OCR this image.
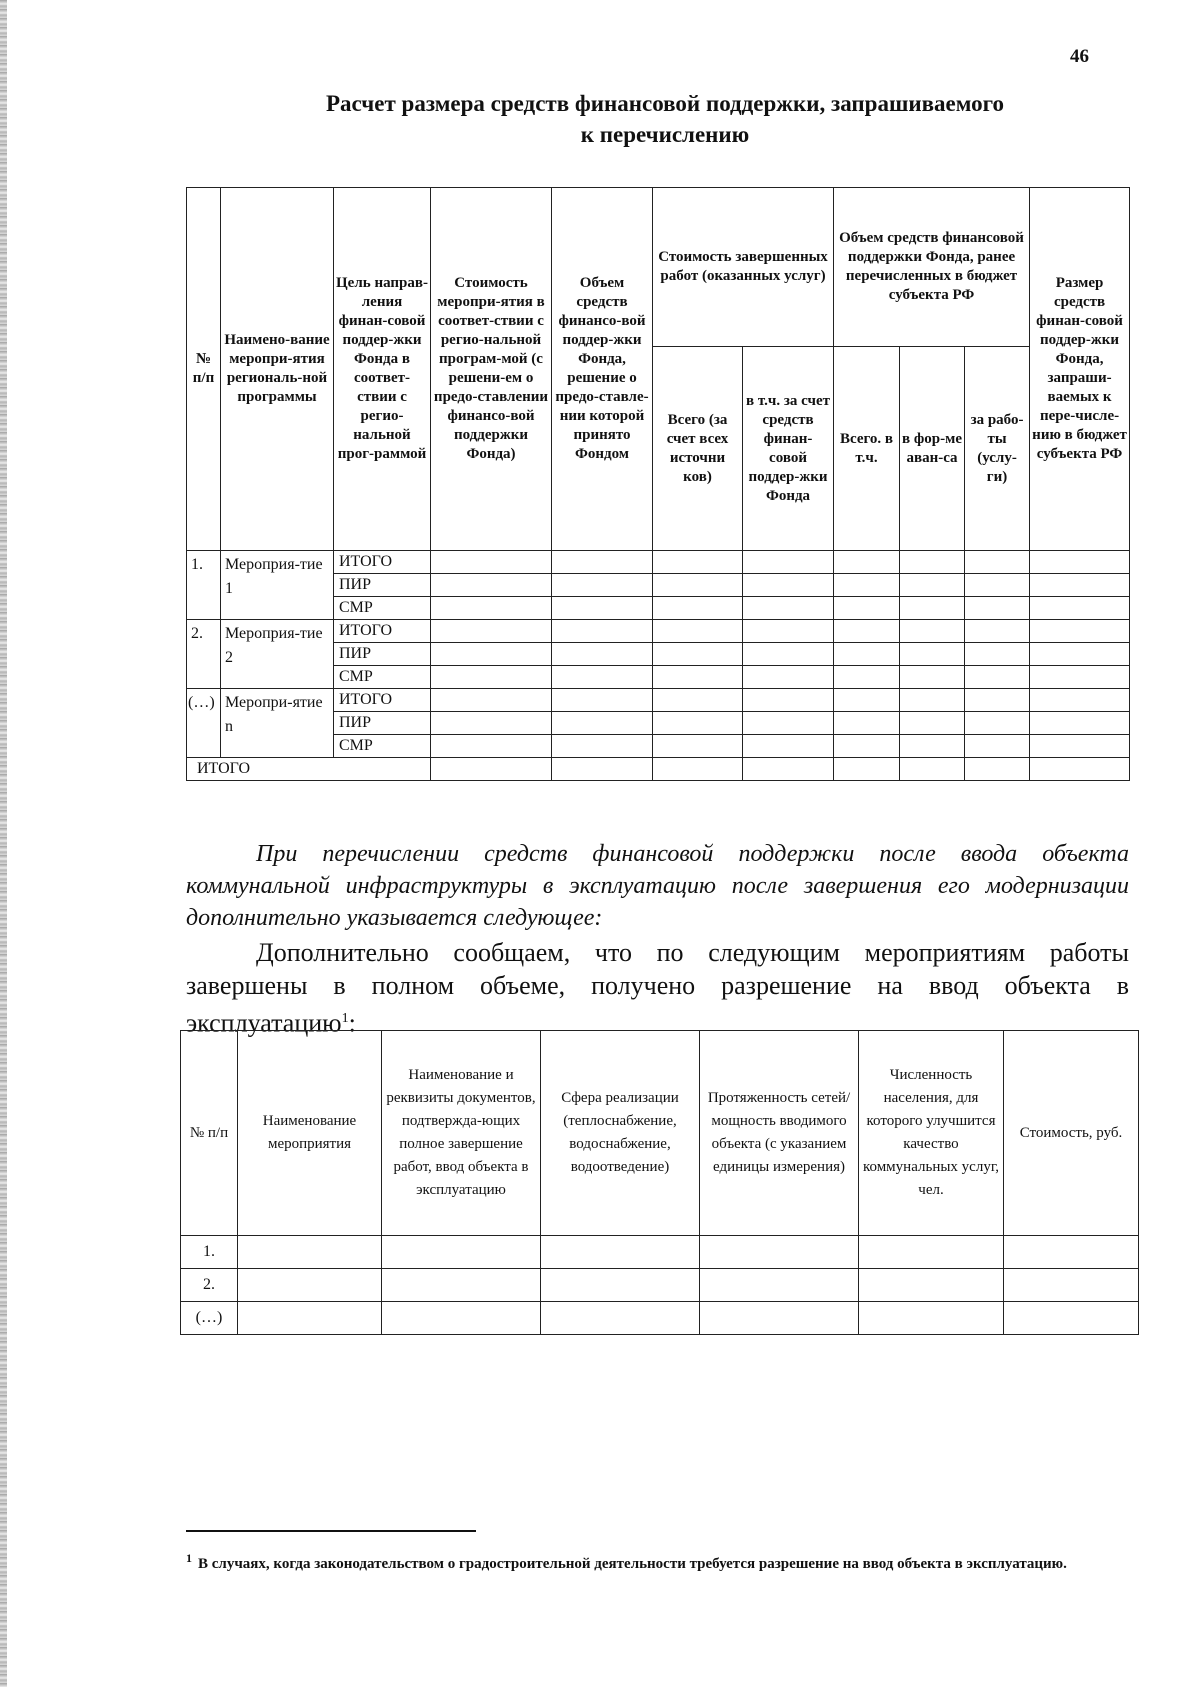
46
Расчет размера средств финансовой поддержки, запрашиваемого
к перечислению
№ п/п	Наимено-вание меропри-ятия региональ-ной программы	Цель направ-ления финан-совой поддер-жки Фонда в соответ-ствии с регио-нальной прог-раммой	Стоимость меропри-ятия в соответ-ствии с регио-нальной програм-мой (с решени-ем о предо-ставлении финансо-вой поддержки Фонда)	Объем средств финансо-вой поддер-жки Фонда, решение о предо-ставле-нии которой принято Фондом	Стоимость завершенных работ (оказанных услуг)		Объем средств финансовой поддержки Фонда, ранее перечисленных в бюджет субъекта РФ			Размер средств финан-совой поддер-жки Фонда, запраши-ваемых к пере-числе-нию в бюджет субъекта РФ
					Всего (за счет всех источни ков)	в т.ч. за счет средств финан-совой поддер-жки Фонда	Всего. в т.ч.	в фор-ме аван-са	за рабо-ты (услу-ги)	
1.	Мероприя-тие 1	ИТОГО								
		ПИР								
		СМР								
2.	Мероприя-тие 2	ИТОГО								
		ПИР								
		СМР								
(…)	Меропри-ятие n	ИТОГО								
		ПИР								
		СМР								
ИТОГО										
При перечислении средств финансовой поддержки после ввода объекта коммунальной инфраструктуры в эксплуатацию после завершения его модернизации дополнительно указывается следующее:
Дополнительно сообщаем, что по следующим мероприятиям работы завершены в полном объеме, получено разрешение на ввод объекта в эксплуатацию$^1$:
№ п/п	Наименование мероприятия	Наименование и реквизиты документов, подтвержда-ющих полное завершение работ, ввод объекта в эксплуатацию	Сфера реализации (теплоснабжение, водоснабжение, водоотведение)	Протяженность сетей/мощность вводимого объекта (с указанием единицы измерения)	Численность населения, для которого улучшится качество коммунальных услуг, чел.	Стоимость, руб.
1.						
2.						
(…)						
$^1$ В случаях, когда законодательством о градостроительной деятельности требуется разрешение на ввод объекта в эксплуатацию.
